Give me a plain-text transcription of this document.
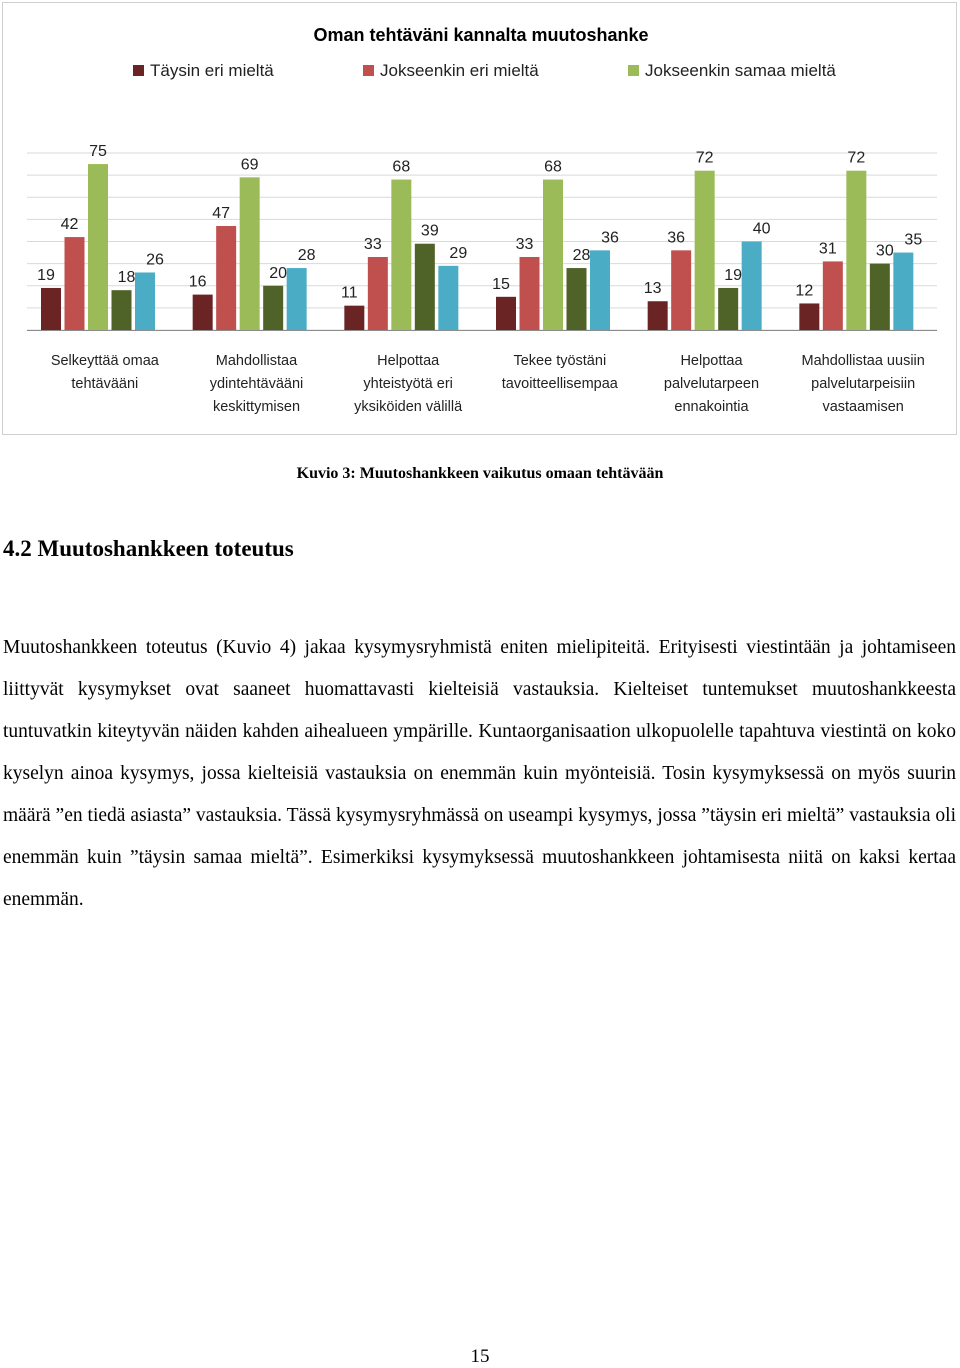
Oman tehtäväni kannalta muutoshanke
Täysin eri mieltä	Jokseenkin eri mieltä	Jokseenkin samaa mieltä
19	16
11
15	13	12
42
47
33	33	36
31
75
69	68	68
72	72
18	20
39
28
19
30
26	28	29
36
40
35
Selkeyttää omaa
tehtävääni
Mahdollistaa
ydintehtävääni
keskittymisen
Helpottaa
yhteistyötä eri
yksiköiden välillä
Tekee työstäni
tavoitteellisempaa
Helpottaa
palvelutarpeen
ennakointia
Mahdollistaa uusiin
palvelutarpeisiin
vastaamisen
Kuvio 3: Muutoshankkeen vaikutus omaan tehtävään
4.2 Muutoshankkeen toteutus

Muutoshankkeen toteutus (Kuvio 4) jakaa kysymysryhmistä eniten mielipiteitä. Erityisesti viestintään ja johtamiseen liittyvät kysymykset ovat saaneet huomattavasti kielteisiä vastauksia. Kielteiset tuntemukset muutoshankkeesta tuntuvatkin kiteytyvän näiden kahden aihealueen ympärille. Kuntaorganisaation ulkopuolelle tapahtuva viestintä on koko kyselyn ainoa kysymys, jossa kielteisiä vastauksia on enemmän kuin myönteisiä. Tosin kysymyksessä on myös suurin määrä ”en tiedä asiasta” vastauksia. Tässä kysymysryhmässä on useampi kysymys, jossa ”täysin eri mieltä” vastauksia oli enemmän kuin ”täysin samaa mieltä”. Esimerkiksi kysymyksessä muutoshankkeen johtamisesta niitä on kaksi kertaa enemmän.

15
